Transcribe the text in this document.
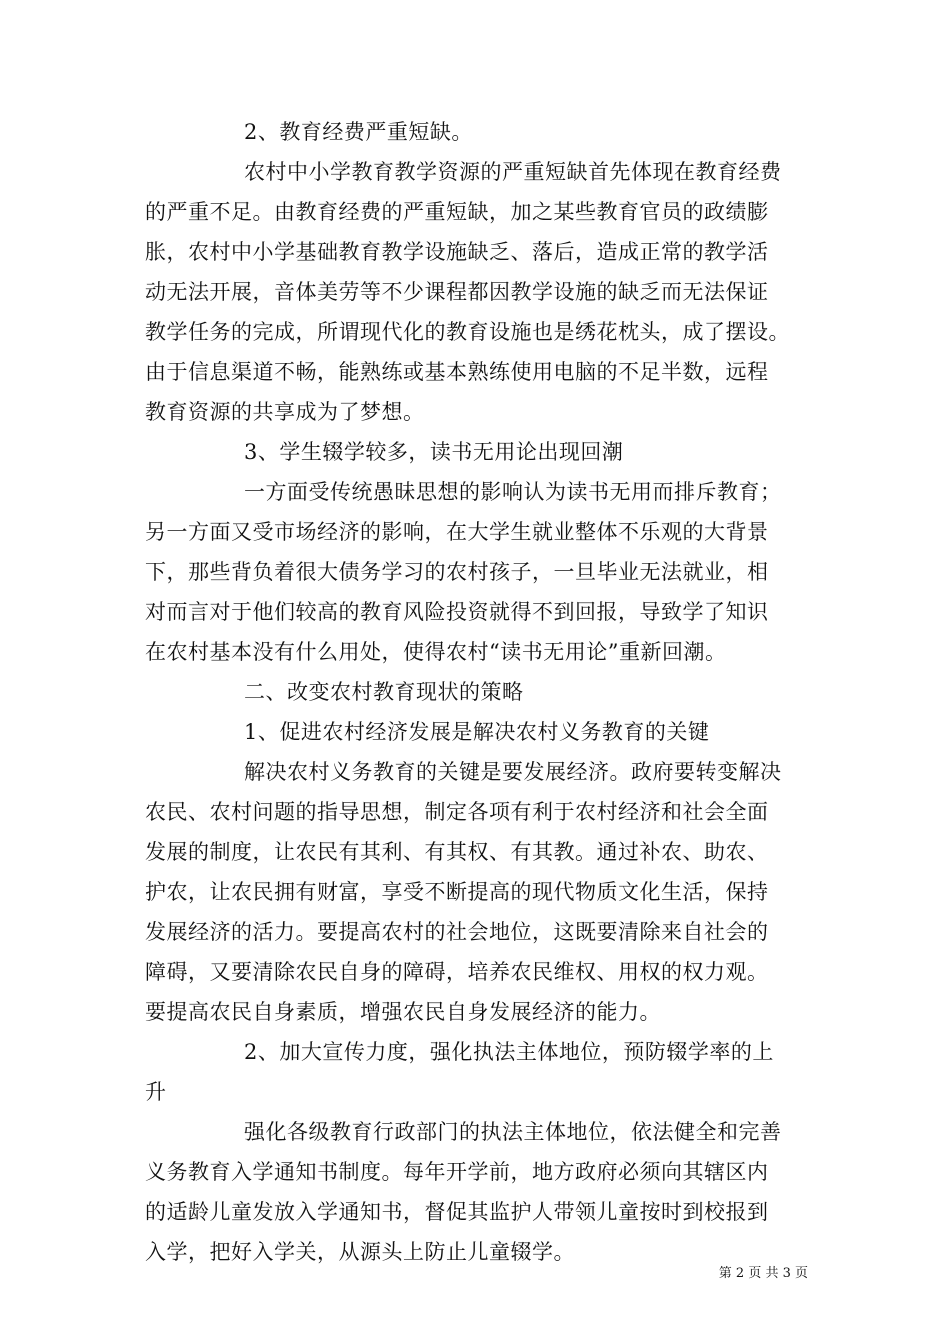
2、教育经费严重短缺。
农村中小学教育教学资源的严重短缺首先体现在教育经费
的严重不足。由教育经费的严重短缺，加之某些教育官员的政绩膨
胀，农村中小学基础教育教学设施缺乏、落后，造成正常的教学活
动无法开展，音体美劳等不少课程都因教学设施的缺乏而无法保证
教学任务的完成，所谓现代化的教育设施也是绣花枕头，成了摆设。
由于信息渠道不畅，能熟练或基本熟练使用电脑的不足半数，远程
教育资源的共享成为了梦想。
3、学生辍学较多，读书无用论出现回潮
一方面受传统愚昧思想的影响认为读书无用而排斥教育；
另一方面又受市场经济的影响，在大学生就业整体不乐观的大背景
下，那些背负着很大债务学习的农村孩子，一旦毕业无法就业，相
对而言对于他们较高的教育风险投资就得不到回报，导致学了知识
在农村基本没有什么用处，使得农村“读书无用论”重新回潮。
二、改变农村教育现状的策略
1、促进农村经济发展是解决农村义务教育的关键
解决农村义务教育的关键是要发展经济。政府要转变解决
农民、农村问题的指导思想，制定各项有利于农村经济和社会全面
发展的制度，让农民有其利、有其权、有其教。通过补农、助农、
护农，让农民拥有财富，享受不断提高的现代物质文化生活，保持
发展经济的活力。要提高农村的社会地位，这既要清除来自社会的
障碍，又要清除农民自身的障碍，培养农民维权、用权的权力观。
要提高农民自身素质，增强农民自身发展经济的能力。
2、加大宣传力度，强化执法主体地位，预防辍学率的上
升
强化各级教育行政部门的执法主体地位，依法健全和完善
义务教育入学通知书制度。每年开学前，地方政府必须向其辖区内
的适龄儿童发放入学通知书，督促其监护人带领儿童按时到校报到
入学，把好入学关，从源头上防止儿童辍学。
第 2 页 共 3 页
